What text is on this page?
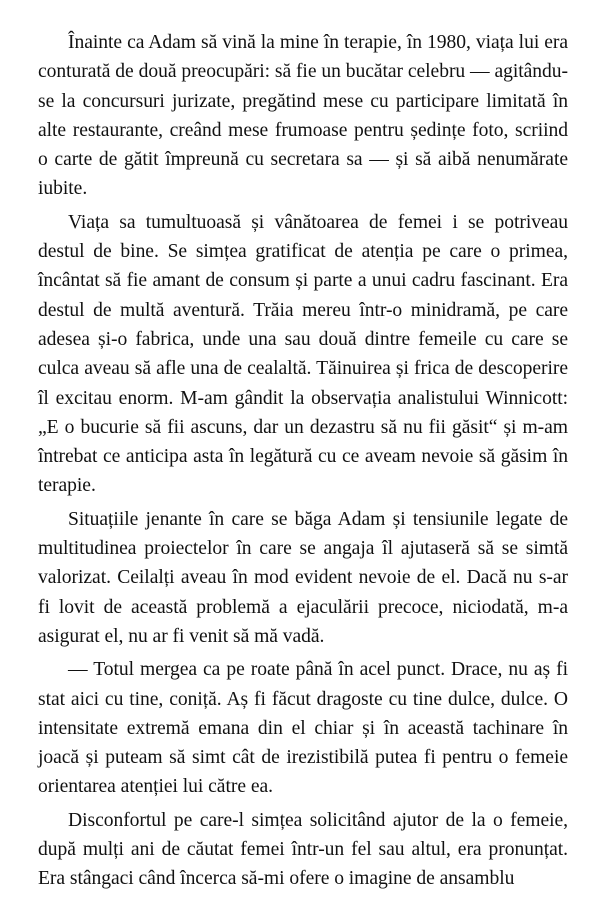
Înainte ca Adam să vină la mine în terapie, în 1980, viața lui era conturată de două preocupări: să fie un bucătar celebru — agitându-se la concursuri jurizate, pregătind mese cu participare limitată în alte restaurante, creând mese frumoase pentru ședințe foto, scriind o carte de gătit împreună cu secretara sa — și să aibă nenumărate iubite.

Viața sa tumultuoasă și vânătoarea de femei i se potriveau destul de bine. Se simțea gratificat de atenția pe care o primea, încântat să fie amant de consum și parte a unui cadru fascinant. Era destul de multă aventură. Trăia mereu într-o minidramă, pe care adesea și-o fabrica, unde una sau două dintre femeile cu care se culca aveau să afle una de cealaltă. Tăinuirea și frica de descoperire îl excitau enorm. M-am gândit la observația analistului Winnicott: „E o bucurie să fii ascuns, dar un dezastru să nu fii găsit“ și m-am întrebat ce anticipa asta în legătură cu ce aveam nevoie să găsim în terapie.

Situațiile jenante în care se băga Adam și tensiunile legate de multitudinea proiectelor în care se angaja îl ajutaseră să se simtă valorizat. Ceilalți aveau în mod evident nevoie de el. Dacă nu s-ar fi lovit de această problemă a ejaculării precoce, niciodată, m-a asigurat el, nu ar fi venit să mă vadă.

— Totul mergea ca pe roate până în acel punct. Drace, nu aș fi stat aici cu tine, coniță. Aș fi făcut dragoste cu tine dulce, dulce. O intensitate extremă emana din el chiar și în această tachinare în joacă și puteam să simt cât de irezistibilă putea fi pentru o femeie orientarea atenției lui către ea.

Disconfortul pe care-l simțea solicitând ajutor de la o femeie, după mulți ani de căutat femei într-un fel sau altul, era pronunțat. Era stângaci când încerca să-mi ofere o imagine de ansamblu
